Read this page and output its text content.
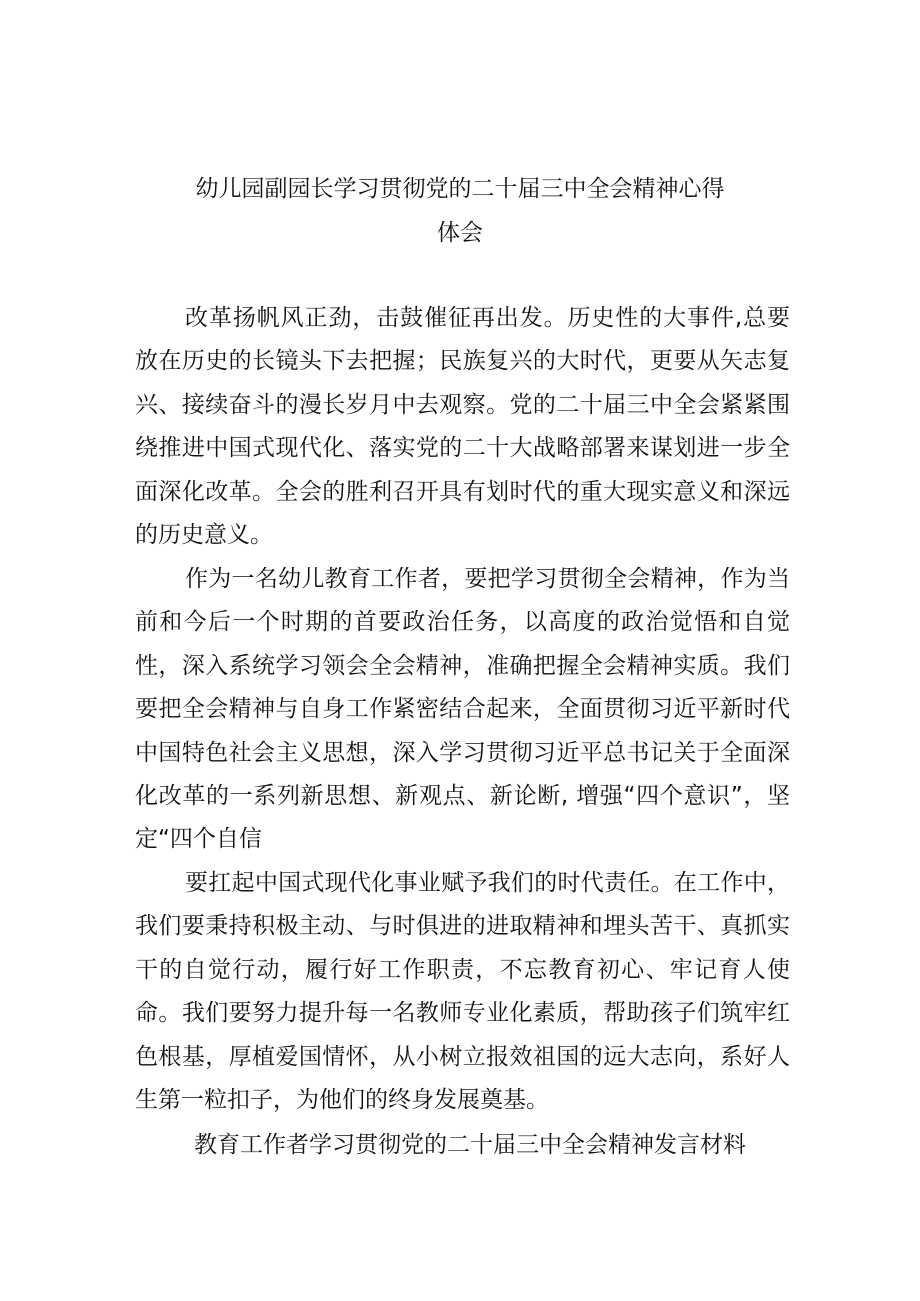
幼儿园副园长学习贯彻党的二十届三中全会精神心得
体会

改革扬帆风正劲，击鼓催征再出发。历史性的大事件,总要放在历史的长镜头下去把握；民族复兴的大时代，更要从矢志复兴、接续奋斗的漫长岁月中去观察。党的二十届三中全会紧紧围绕推进中国式现代化、落实党的二十大战略部署来谋划进一步全面深化改革。全会的胜利召开具有划时代的重大现实意义和深远的历史意义。

作为一名幼儿教育工作者，要把学习贯彻全会精神，作为当前和今后一个时期的首要政治任务，以高度的政治觉悟和自觉性，深入系统学习领会全会精神，准确把握全会精神实质。我们要把全会精神与自身工作紧密结合起来，全面贯彻习近平新时代中国特色社会主义思想，深入学习贯彻习近平总书记关于全面深化改革的一系列新思想、新观点、新论断, 增强“四个意识”，坚定“四个自信

要扛起中国式现代化事业赋予我们的时代责任。在工作中，我们要秉持积极主动、与时俱进的进取精神和埋头苦干、真抓实干的自觉行动，履行好工作职责，不忘教育初心、牢记育人使命。我们要努力提升每一名教师专业化素质，帮助孩子们筑牢红色根基，厚植爱国情怀，从小树立报效祖国的远大志向，系好人生第一粒扣子，为他们的终身发展奠基。

教育工作者学习贯彻党的二十届三中全会精神发言材料
